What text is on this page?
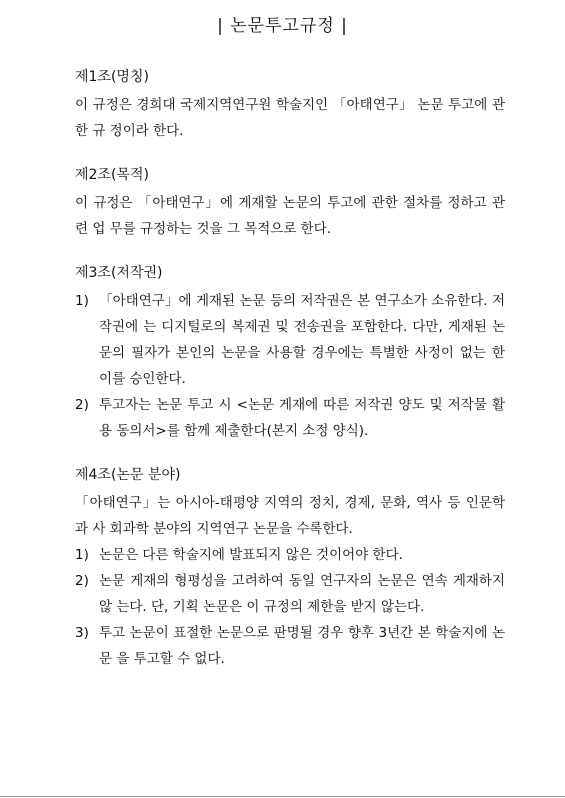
| 논문투고규정 |
제1조(명칭)

이 규정은 경희대 국제지역연구원 학술지인 「아태연구」 논문 투고에 관한 규 정이라 한다.

제2조(목적)

이 규정은 「아태연구」에 게재할 논문의 투고에 관한 절차를 정하고 관련 업 무를 규정하는 것을 그 목적으로 한다.

제3조(저작권)
1) 「아태연구」에 게재된 논문 등의 저작권은 본 연구소가 소유한다. 저작권에 는 디지털로의 복제권 및 전송권을 포함한다. 다만, 게재된 논문의 필자가 본인의 논문을 사용할 경우에는 특별한 사정이 없는 한 이를 승인한다.
2) 투고자는 논문 투고 시 <논문 게재에 따른 저작권 양도 및 저작물 활용 동의서>를 함께 제출한다(본지 소정 양식).
제4조(논문 분야)

「아태연구」는 아시아-태평양 지역의 정치, 경제, 문화, 역사 등 인문학과 사 회과학 분야의 지역연구 논문을 수록한다.

1) 논문은 다른 학술지에 발표되지 않은 것이어야 한다.
2) 논문 게재의 형평성을 고려하여 동일 연구자의 논문은 연속 게재하지 않 는다. 단, 기획 논문은 이 규정의 제한을 받지 않는다.
3) 투고 논문이 표절한 논문으로 판명될 경우 향후 3년간 본 학술지에 논문 을 투고할 수 없다.
